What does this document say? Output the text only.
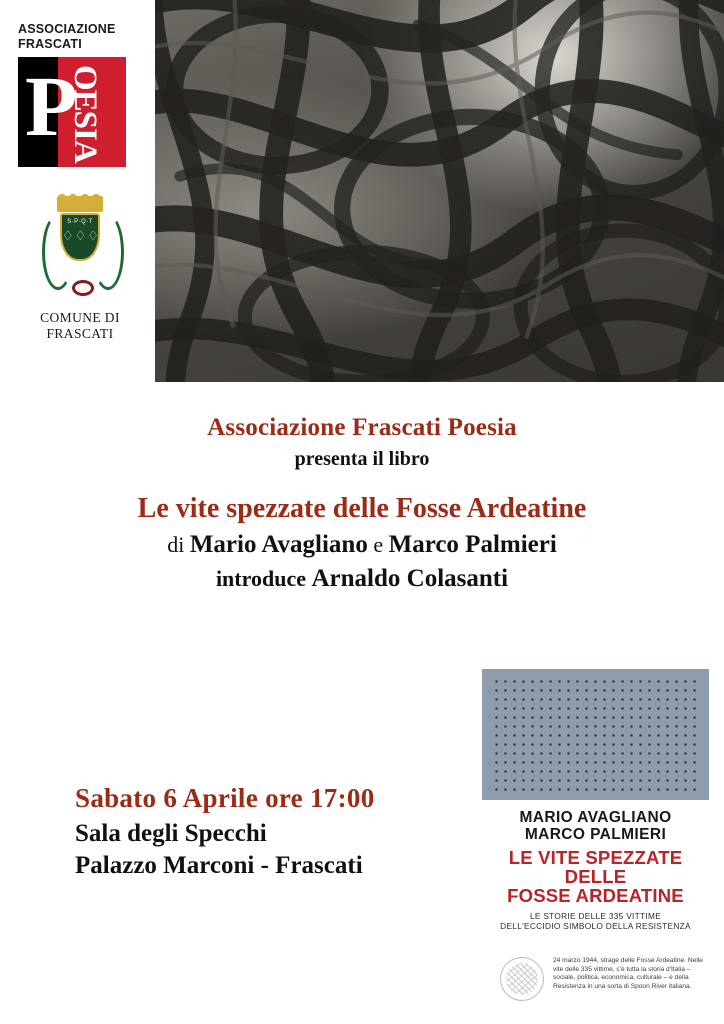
ASSOCIAZIONE
FRASCATI
P
OESIA
S·P·Q·T
♢♢♢
COMUNE DI FRASCATI
Associazione Frascati Poesia
presenta il libro
Le vite spezzate delle Fosse Ardeatine
di Mario Avagliano e Marco Palmieri
introduce Arnaldo Colasanti
Sabato 6 Aprile ore 17:00
Sala degli Specchi
Palazzo Marconi - Frascati
MARIO AVAGLIANO
MARCO PALMIERI
LE VITE SPEZZATE DELLE
FOSSE ARDEATINE
LE STORIE DELLE 335 VITTIME
DELL'ECCIDIO SIMBOLO DELLA RESISTENZA
24 marzo 1944, strage delle Fosse Ardeatine. Nelle vite delle 335 vittime, c'è tutta la storia d'Italia – sociale, politica, economica, culturale – e della Resistenza in una sorta di Spoon River italiana.
